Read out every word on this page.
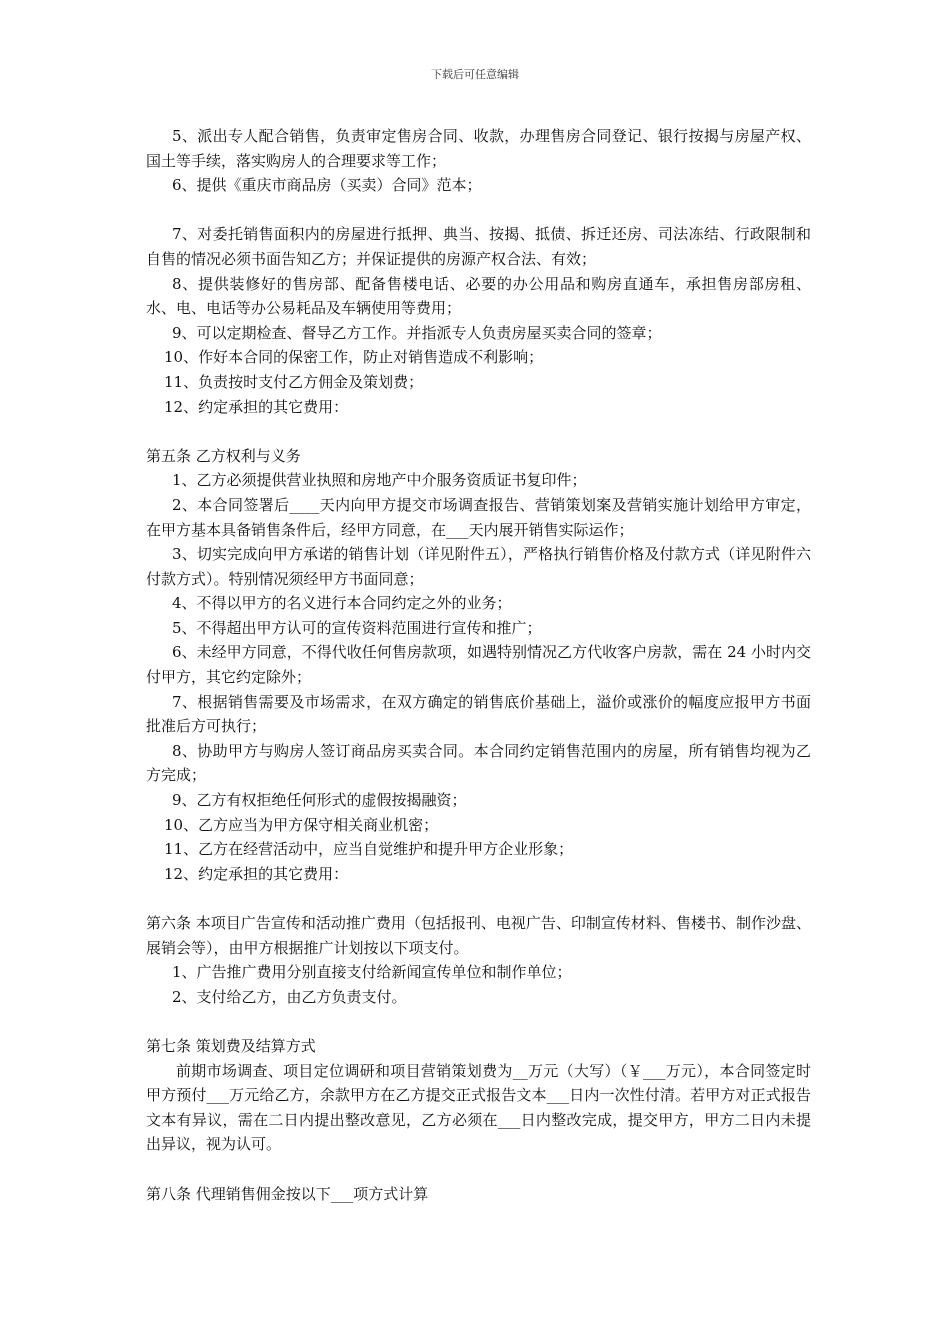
下载后可任意编辑

5、派出专人配合销售，负责审定售房合同、收款，办理售房合同登记、银行按揭与房屋产权、国土等手续，落实购房人的合理要求等工作；

6、提供《重庆市商品房（买卖）合同》范本；

7、对委托销售面积内的房屋进行抵押、典当、按揭、抵债、拆迁还房、司法冻结、行政限制和自售的情况必须书面告知乙方；并保证提供的房源产权合法、有效；

8、提供装修好的售房部、配备售楼电话、必要的办公用品和购房直通车，承担售房部房租、水、电、电话等办公易耗品及车辆使用等费用；

9、可以定期检查、督导乙方工作。并指派专人负责房屋买卖合同的签章；

10、作好本合同的保密工作，防止对销售造成不利影响；

11、负责按时支付乙方佣金及策划费；

12、约定承担的其它费用：

第五条 乙方权利与义务

1、乙方必须提供营业执照和房地产中介服务资质证书复印件；

2、本合同签署后____天内向甲方提交市场调查报告、营销策划案及营销实施计划给甲方审定，在甲方基本具备销售条件后，经甲方同意，在___天内展开销售实际运作；

3、切实完成向甲方承诺的销售计划（详见附件五），严格执行销售价格及付款方式（详见附件六付款方式）。特别情况须经甲方书面同意；

4、不得以甲方的名义进行本合同约定之外的业务；

5、不得超出甲方认可的宣传资料范围进行宣传和推广；

6、未经甲方同意，不得代收任何售房款项，如遇特别情况乙方代收客户房款，需在 24 小时内交付甲方，其它约定除外；

7、根据销售需要及市场需求，在双方确定的销售底价基础上，溢价或涨价的幅度应报甲方书面批准后方可执行；

8、协助甲方与购房人签订商品房买卖合同。本合同约定销售范围内的房屋，所有销售均视为乙方完成；

9、乙方有权拒绝任何形式的虚假按揭融资；

10、乙方应当为甲方保守相关商业机密；

11、乙方在经营活动中，应当自觉维护和提升甲方企业形象；

12、约定承担的其它费用：

第六条 本项目广告宣传和活动推广费用（包括报刊、电视广告、印制宣传材料、售楼书、制作沙盘、展销会等），由甲方根据推广计划按以下项支付。

1、广告推广费用分别直接支付给新闻宣传单位和制作单位；

2、支付给乙方，由乙方负责支付。

第七条 策划费及结算方式

前期市场调查、项目定位调研和项目营销策划费为__万元（大写）（￥___万元），本合同签定时甲方预付___万元给乙方，余款甲方在乙方提交正式报告文本___日内一次性付清。若甲方对正式报告文本有异议，需在二日内提出整改意见，乙方必须在___日内整改完成，提交甲方，甲方二日内未提出异议，视为认可。

第八条 代理销售佣金按以下___项方式计算
